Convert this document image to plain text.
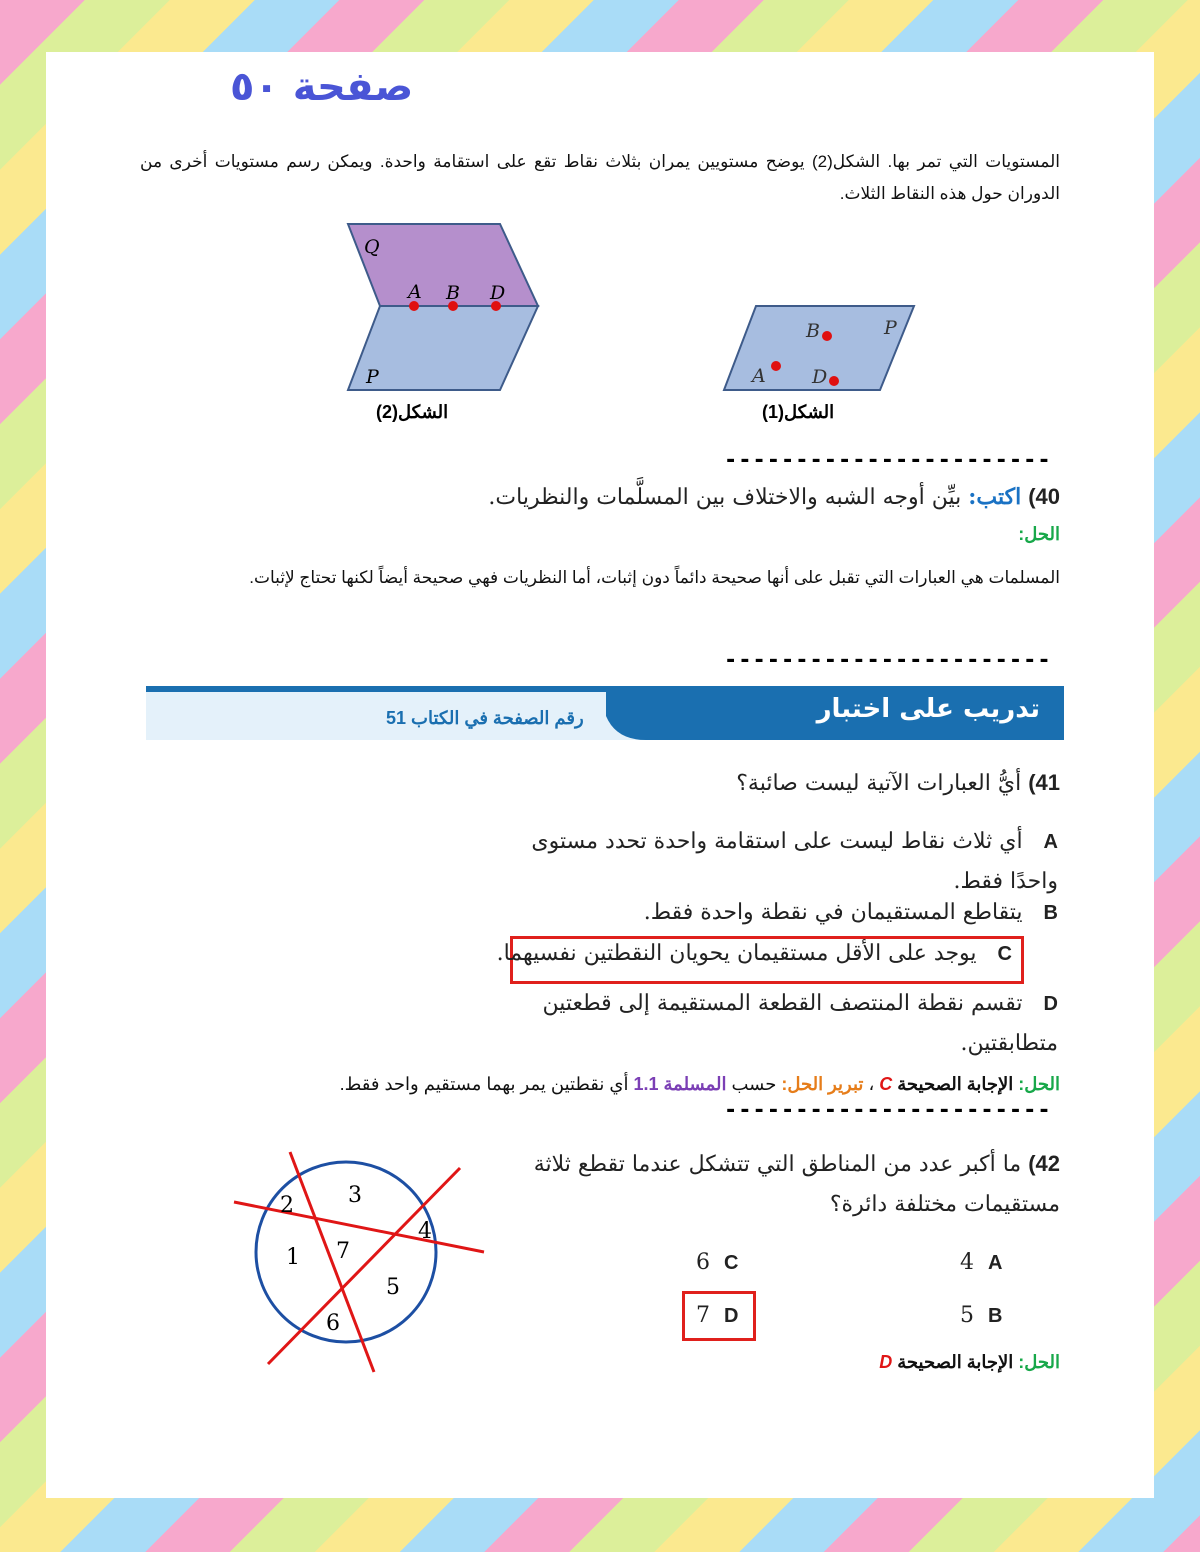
صفحة ٥٠
المستويات التي تمر بها. الشكل(2) يوضح مستويين يمران بثلاث نقاط تقع على استقامة واحدة. ويمكن رسم مستويات أخرى من الدوران حول هذه النقاط الثلاث.
Q
A B D
P
الشكل(2)
B	P
A D
الشكل(1)
-----------------------
40) اكتب: بيِّن أوجه الشبه والاختلاف بين المسلَّمات والنظريات.
الحل:
المسلمات هي العبارات التي تقبل على أنها صحيحة دائماً دون إثبات، أما النظريات فهي صحيحة أيضاً لكنها تحتاج لإثبات.
-----------------------
تدريب على اختبار
رقم الصفحة في الكتاب 51
41) أيُّ العبارات الآتية ليست صائبة؟
A   أي ثلاث نقاط ليست على استقامة واحدة تحدد مستوى واحدًا فقط.
B   يتقاطع المستقيمان في نقطة واحدة فقط.
C   يوجد على الأقل مستقيمان يحويان النقطتين نفسيهما.
D   تقسم نقطة المنتصف القطعة المستقيمة إلى قطعتين متطابقتين.
الحل: الإجابة الصحيحة C ، تبرير الحل: حسب المسلمة 1.1 أي نقطتين يمر بهما مستقيم واحد فقط.
-----------------------
42) ما أكبر عدد من المناطق التي تتشكل عندما تقطع ثلاثة مستقيمات مختلفة دائرة؟
4 A
5 B
6 C
7 D
2 3
4
1 7
5
6
الحل: الإجابة الصحيحة D
